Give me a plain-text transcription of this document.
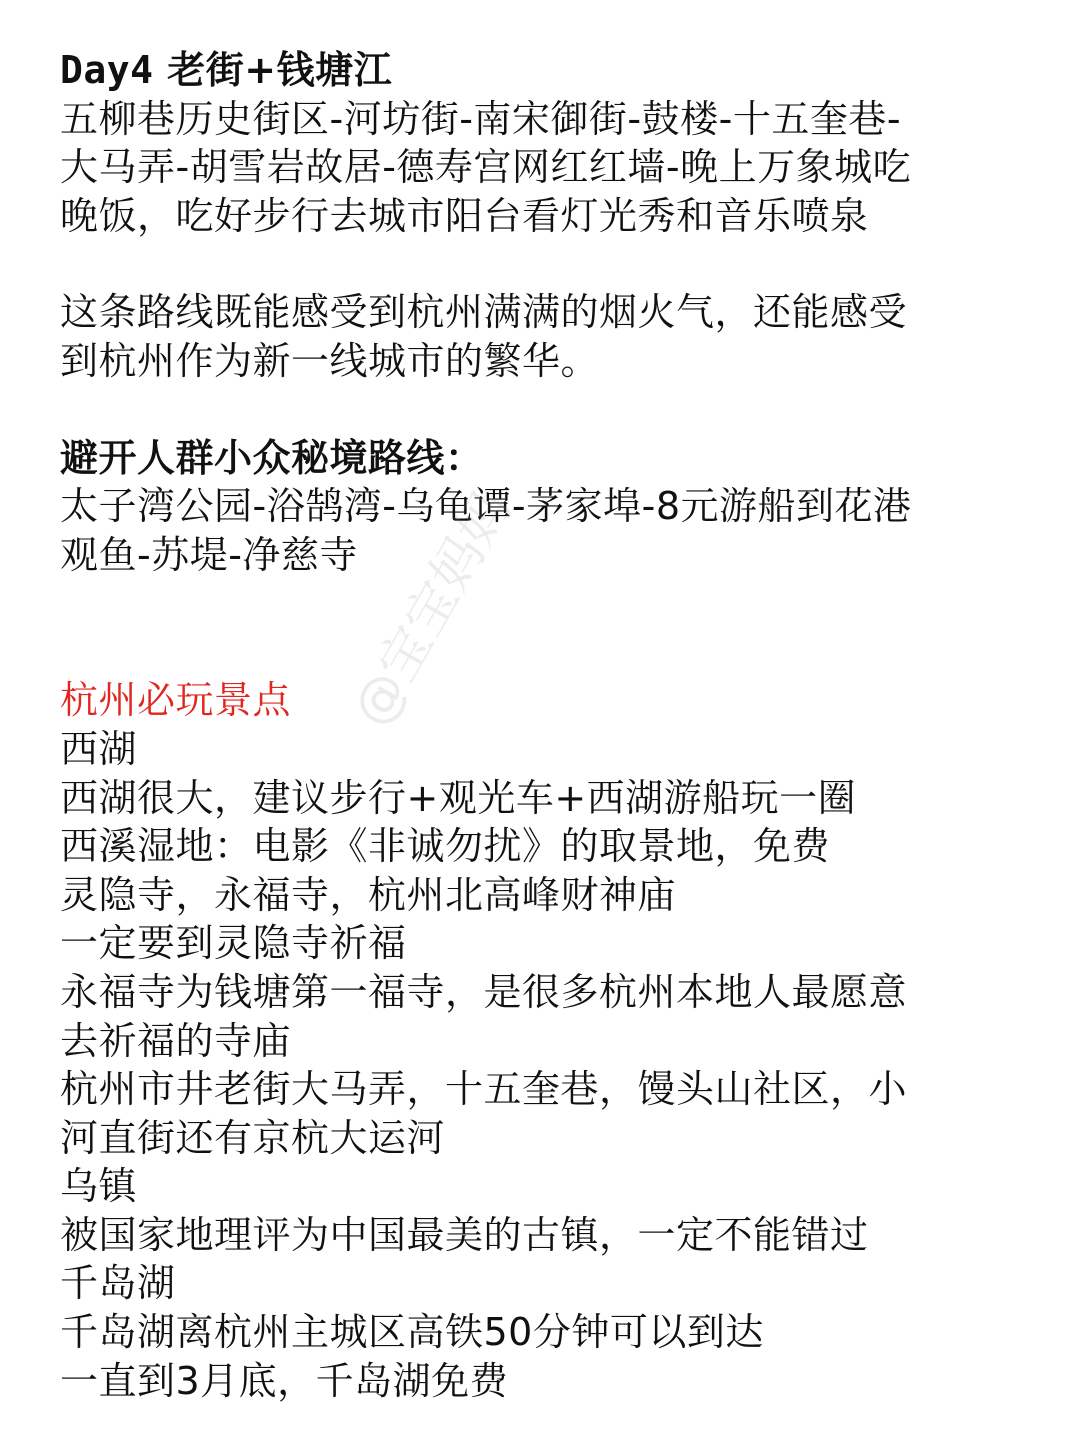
Day4 老街+钱塘江
五柳巷历史街区-河坊街-南宋御街-鼓楼-十五奎巷-
大马弄-胡雪岩故居-德寿宫网红红墙-晚上万象城吃
晚饭，吃好步行去城市阳台看灯光秀和音乐喷泉
这条路线既能感受到杭州满满的烟火气，还能感受
到杭州作为新一线城市的繁华。
避开人群小众秘境路线：
太子湾公园-浴鹄湾-乌龟谭-茅家埠-8元游船到花港
观鱼-苏堤-净慈寺
杭州必玩景点
西湖
西湖很大，建议步行+观光车+西湖游船玩一圈
西溪湿地：电影《非诚勿扰》的取景地，免费
灵隐寺，永福寺，杭州北高峰财神庙
一定要到灵隐寺祈福
永福寺为钱塘第一福寺，是很多杭州本地人最愿意
去祈福的寺庙
杭州市井老街大马弄，十五奎巷，馒头山社区，小
河直街还有京杭大运河
乌镇
被国家地理评为中国最美的古镇，一定不能错过
千岛湖
千岛湖离杭州主城区高铁50分钟可以到达
一直到3月底，千岛湖免费
@宝宝妈妈
